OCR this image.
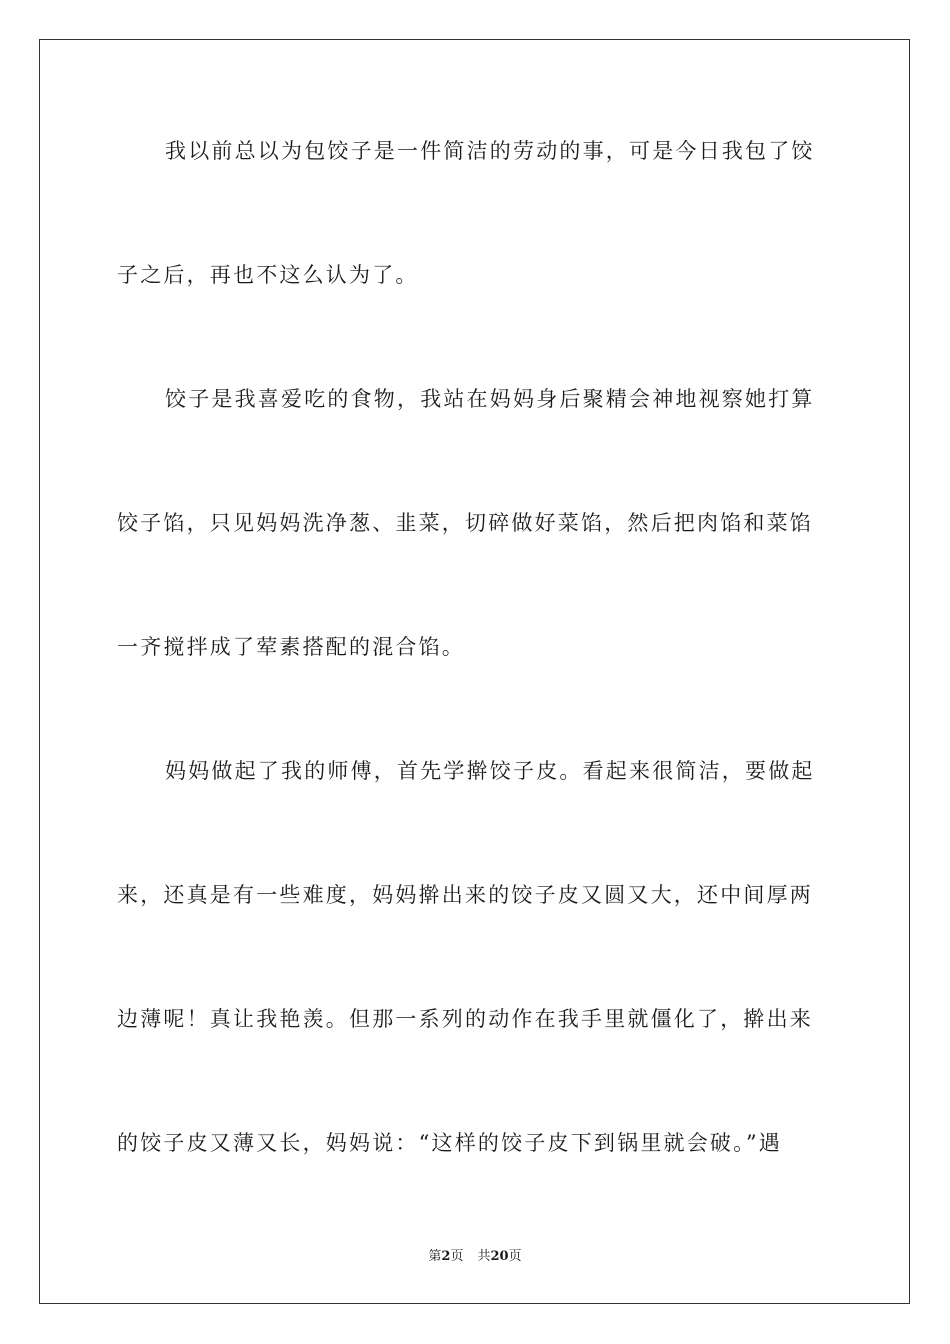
我以前总以为包饺子是一件简洁的劳动的事，可是今日我包了饺
子之后，再也不这么认为了。
饺子是我喜爱吃的食物，我站在妈妈身后聚精会神地视察她打算
饺子馅，只见妈妈洗净葱、韭菜，切碎做好菜馅，然后把肉馅和菜馅
一齐搅拌成了荤素搭配的混合馅。
妈妈做起了我的师傅，首先学擀饺子皮。看起来很简洁，要做起
来，还真是有一些难度，妈妈擀出来的饺子皮又圆又大，还中间厚两
边薄呢！真让我艳羡。但那一系列的动作在我手里就僵化了，擀出来
的饺子皮又薄又长，妈妈说：“这样的饺子皮下到锅里就会破。”遇
第2页 共20页
